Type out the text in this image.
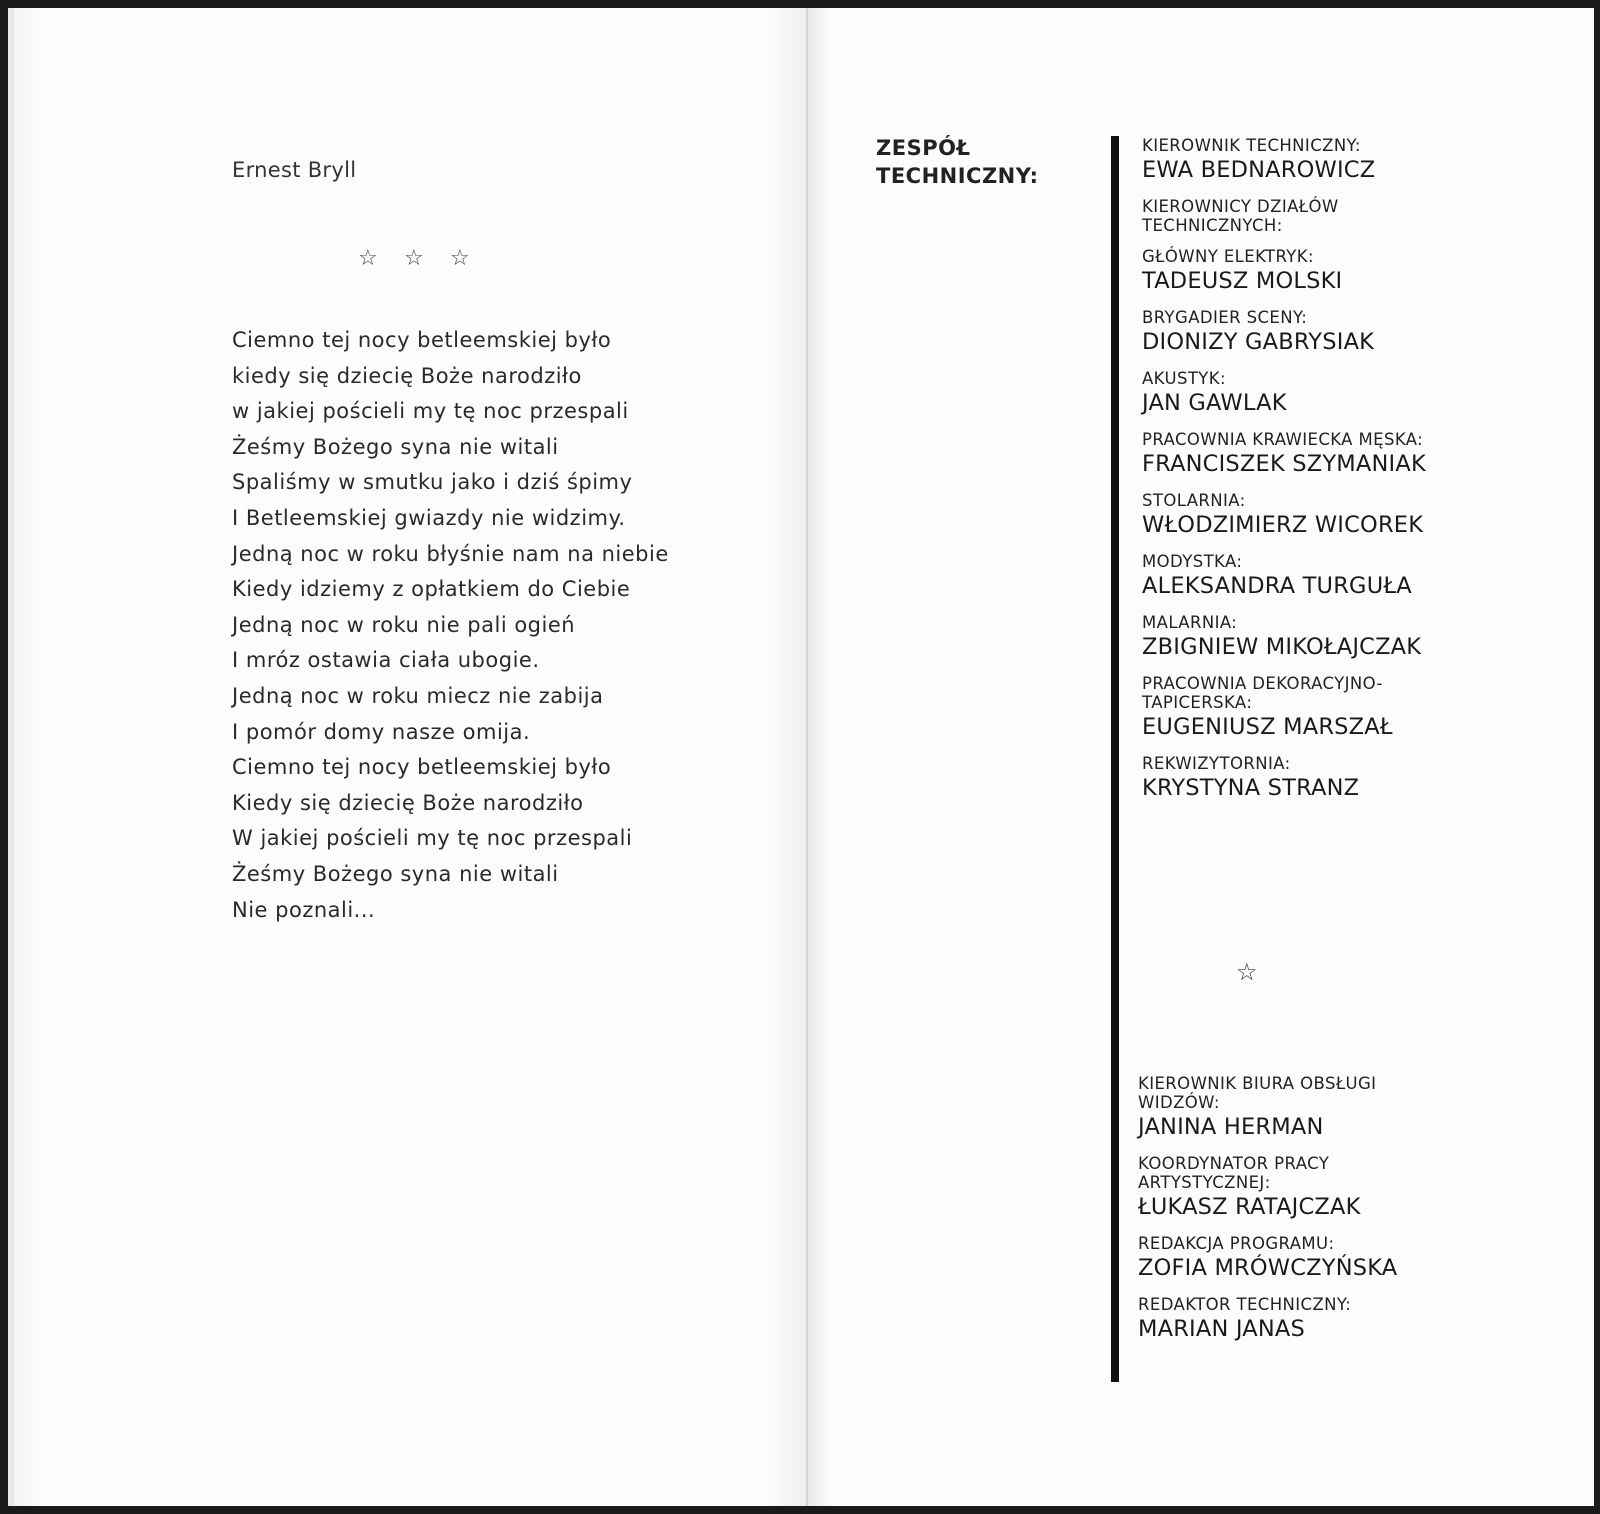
Ernest Bryll
☆ ☆ ☆
Ciemno tej nocy betleemskiej było
kiedy się dziecię Boże narodziło
w jakiej pościeli my tę noc przespali
Żeśmy Bożego syna nie witali
Spaliśmy w smutku jako i dziś śpimy
I Betleemskiej gwiazdy nie widzimy.
Jedną noc w roku błyśnie nam na niebie
Kiedy idziemy z opłatkiem do Ciebie
Jedną noc w roku nie pali ogień
I mróz ostawia ciała ubogie.
Jedną noc w roku miecz nie zabija
I pomór domy nasze omija.
Ciemno tej nocy betleemskiej było
Kiedy się dziecię Boże narodziło
W jakiej pościeli my tę noc przespali
Żeśmy Bożego syna nie witali
Nie poznali...
ZESPÓŁ
TECHNICZNY:
KIEROWNIK TECHNICZNY:
EWA BEDNAROWICZ
KIEROWNICY DZIAŁÓW
TECHNICZNYCH:
GŁÓWNY ELEKTRYK:
TADEUSZ MOLSKI
BRYGADIER SCENY:
DIONIZY GABRYSIAK
AKUSTYK:
JAN GAWLAK
PRACOWNIA KRAWIECKA MĘSKA:
FRANCISZEK SZYMANIAK
STOLARNIA:
WŁODZIMIERZ WICOREK
MODYSTKA:
ALEKSANDRA TURGUŁA
MALARNIA:
ZBIGNIEW MIKOŁAJCZAK
PRACOWNIA DEKORACYJNO-
TAPICERSKA:
EUGENIUSZ MARSZAŁ
REKWIZYTORNIA:
KRYSTYNA STRANZ
☆
KIEROWNIK BIURA OBSŁUGI
WIDZÓW:
JANINA HERMAN
KOORDYNATOR PRACY
ARTYSTYCZNEJ:
ŁUKASZ RATAJCZAK
REDAKCJA PROGRAMU:
ZOFIA MRÓWCZYŃSKA
REDAKTOR TECHNICZNY:
MARIAN JANAS
